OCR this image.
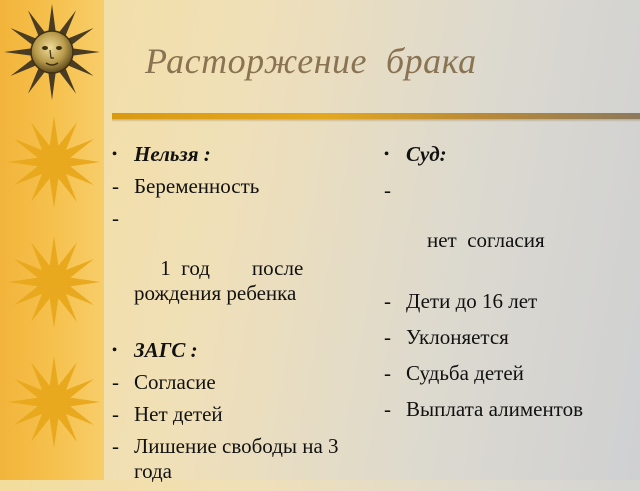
Расторжение  брака
• Нельзя :
- Беременность

-

1  год        после рождения ребенка

• ЗАГС :
- Согласие
- Нет детей
- Лишение свободы на 3 года
• Суд:

-

нет  согласия

- Дети до 16 лет
- Уклоняется
- Судьба детей
- Выплата алиментов
